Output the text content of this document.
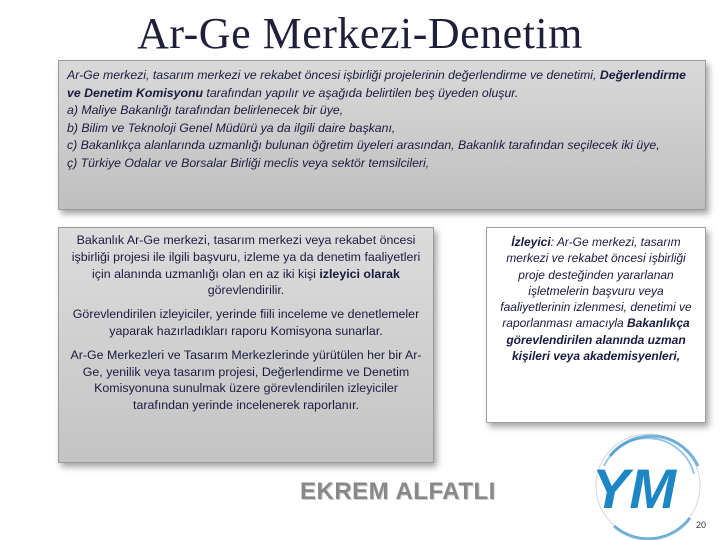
Ar-Ge Merkezi-Denetim

Ar-Ge merkezi, tasarım merkezi ve rekabet öncesi işbirliği projelerinin değerlendirme ve denetimi, Değerlendirme ve Denetim Komisyonu tarafından yapılır ve aşağıda belirtilen beş üyeden oluşur.

a) Maliye Bakanlığı tarafından belirlenecek bir üye,

b) Bilim ve Teknoloji Genel Müdürü ya da ilgili daire başkanı,

c) Bakanlıkça alanlarında uzmanlığı bulunan öğretim üyeleri arasından, Bakanlık tarafından seçilecek iki üye,

ç) Türkiye Odalar ve Borsalar Birliği meclis veya sektör temsilcileri,

Bakanlık Ar-Ge merkezi, tasarım merkezi veya rekabet öncesi işbirliği projesi ile ilgili başvuru, izleme ya da denetim faaliyetleri için alanında uzmanlığı olan en az iki kişi izleyici olarak görevlendirilir.

Görevlendirilen izleyiciler, yerinde fiili inceleme ve denetlemeler yaparak hazırladıkları raporu Komisyona sunarlar.

Ar-Ge Merkezleri ve Tasarım Merkezlerinde yürütülen her bir Ar-Ge, yenilik veya tasarım projesi, Değerlendirme ve Denetim Komisyonuna sunulmak üzere görevlendirilen izleyiciler tarafından yerinde incelenerek raporlanır.

İzleyici: Ar-Ge merkezi, tasarım merkezi ve rekabet öncesi işbirliği proje desteğinden yararlanan işletmelerin başvuru veya faaliyetlerinin izlenmesi, denetimi ve raporlanması amacıyla Bakanlıkça görevlendirilen alanında uzman kişileri veya akademisyenleri,
EKREM ALFATLI YM
20
